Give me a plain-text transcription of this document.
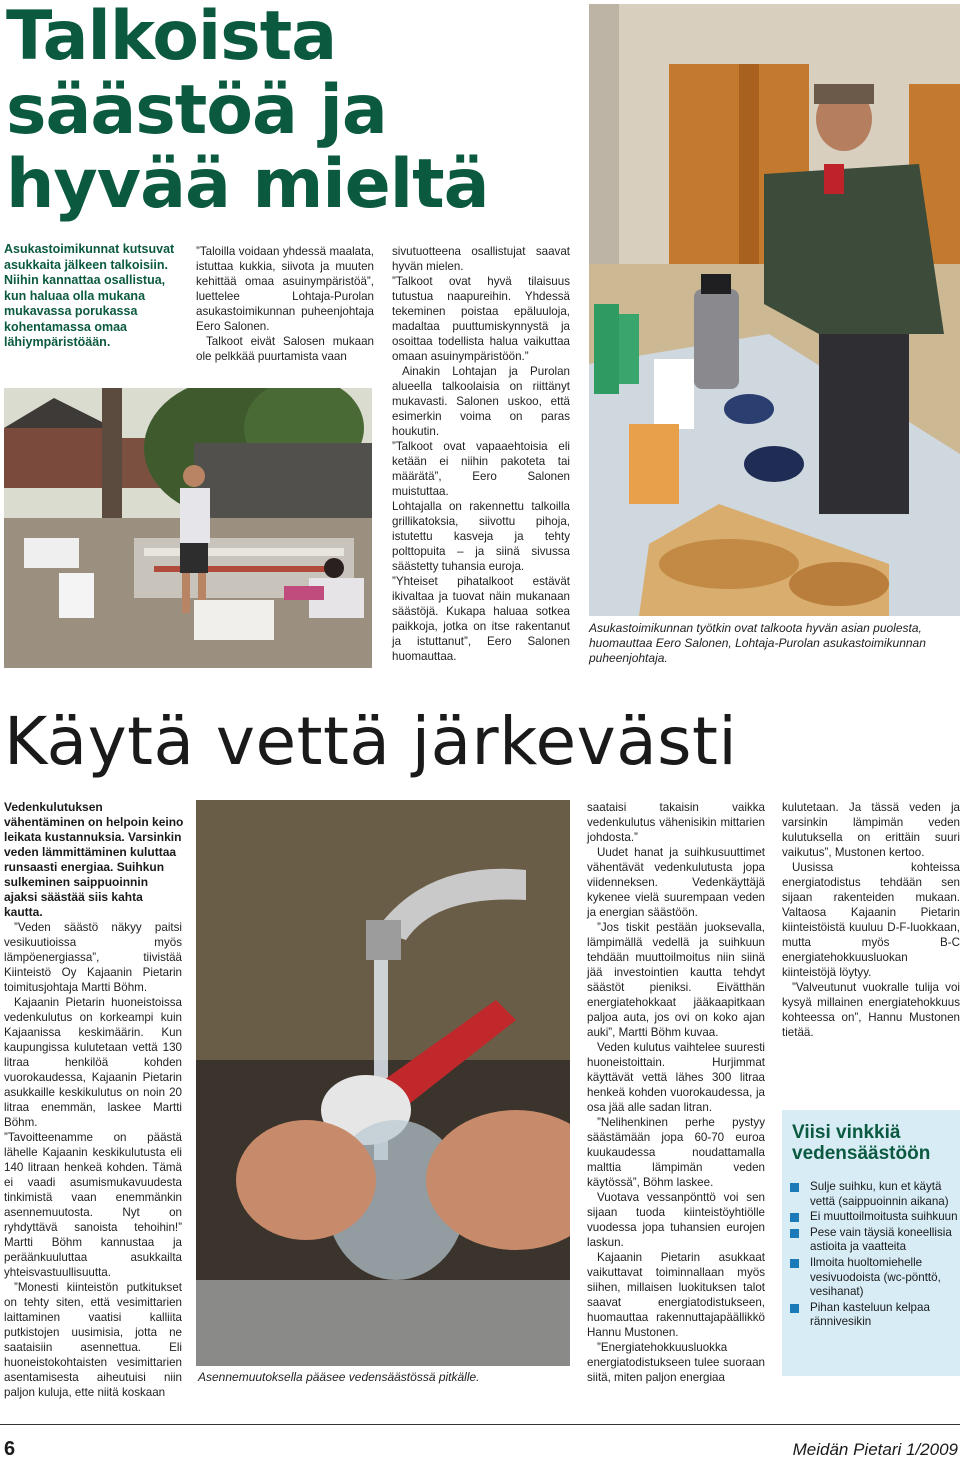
Talkoista säästöä ja hyvää mieltä
Asukastoimikunnat kutsuvat asukkaita jälkeen talkoisiin. Niihin kannattaa osallistua, kun haluaa olla mukana mukavassa porukassa kohentamassa omaa lähiympäristöään.

”Taloilla voidaan yhdessä maalata, istuttaa kukkia, siivota ja muuten kehittää omaa asuinympäristöä”, luettelee Lohtaja-Purolan asukastoimikunnan puheenjohtaja Eero Salonen.

Talkoot eivät Salosen mukaan ole pelkkää puurtamista vaan

sivutuotteena osallistujat saavat hyvän mielen.

”Talkoot ovat hyvä tilaisuus tutustua naapureihin. Yhdessä tekeminen poistaa epäluuloja, madaltaa puuttumiskynnystä ja osoittaa todellista halua vaikuttaa omaan asuinympäristöön.”

Ainakin Lohtajan ja Purolan alueella talkoolaisia on riittänyt mukavasti. Salonen uskoo, että esimerkin voima on paras houkutin.

”Talkoot ovat vapaaehtoisia eli ketään ei niihin pakoteta tai määrätä”, Eero Salonen muistuttaa.

Lohtajalla on rakennettu talkoilla grillikatoksia, siivottu pihoja, istutettu kasveja ja tehty polttopuita – ja siinä sivussa säästetty tuhansia euroja.

”Yhteiset pihatalkoot estävät ikivaltaa ja tuovat näin mukanaan säästöjä. Kukapa haluaa sotkea paikkoja, jotka on itse rakentanut ja istuttanut”, Eero Salonen huomauttaa.

Asukastoimikunnan työtkin ovat talkoota hyvän asian puolesta, huomauttaa Eero Salonen, Lohtaja-Purolan asukastoimikunnan puheenjohtaja.
Käytä vettä järkevästi
Vedenkulutuksen vähentäminen on helpoin keino leikata kustannuksia. Varsinkin veden lämmittäminen kuluttaa runsaasti energiaa. Suihkun sulkeminen saippuoinnin ajaksi säästää siis kahta kautta.

”Veden säästö näkyy paitsi vesikuutioissa myös lämpöenergiassa”, tiivistää Kiinteistö Oy Kajaanin Pietarin toimitusjohtaja Martti Böhm.

Kajaanin Pietarin huoneistoissa vedenkulutus on korkeampi kuin Kajaanissa keskimäärin. Kun kaupungissa kulutetaan vettä 130 litraa henkilöä kohden vuorokaudessa, Kajaanin Pietarin asukkaille keskikulutus on noin 20 litraa enemmän, laskee Martti Böhm.

”Tavoitteenamme on päästä lähelle Kajaanin keskikulutusta eli 140 litraan henkeä kohden. Tämä ei vaadi asumismukavuudesta tinkimistä vaan enemmänkin asennemuutosta. Nyt on ryhdyttävä sanoista tehoihin!” Martti Böhm kannustaa ja peräänkuuluttaa asukkailta yhteisvastuullisuutta.

”Monesti kiinteistön putkitukset on tehty siten, että vesimittarien laittaminen vaatisi kalliita putkistojen uusimisia, jotta ne saataisiin asennettua. Eli huoneistokohtaisten vesimittarien asentamisesta aiheutuisi niin paljon kuluja, ette niitä koskaan

Asennemuutoksella pääsee vedensäästössä pitkälle.

saataisi takaisin vaikka vedenkulutus vähenisikin mittarien johdosta.”

Uudet hanat ja suihkusuuttimet vähentävät vedenkulutusta jopa viidenneksen. Vedenkäyttäjä kykenee vielä suurempaan veden ja energian säästöön.

”Jos tiskit pestään juoksevalla, lämpimällä vedellä ja suihkuun tehdään muuttoilmoitus niin siinä jää investointien kautta tehdyt säästöt pieniksi. Eivätthän energiatehokkaat jääkaapitkaan paljoa auta, jos ovi on koko ajan auki”, Martti Böhm kuvaa.

Veden kulutus vaihtelee suuresti huoneistoittain. Hurjimmat käyttävät vettä lähes 300 litraa henkeä kohden vuorokaudessa, ja osa jää alle sadan litran.

”Nelihenkinen perhe pystyy säästämään jopa 60-70 euroa kuukaudessa noudattamalla malttia lämpimän veden käytössä”, Böhm laskee.

Vuotava vessanpönttö voi sen sijaan tuoda kiinteistöyhtiölle vuodessa jopa tuhansien eurojen laskun.

Kajaanin Pietarin asukkaat vaikuttavat toiminnallaan myös siihen, millaisen luokituksen talot saavat energiatodistukseen, huomauttaa rakennuttajapäällikkö Hannu Mustonen.

”Energiatehokkuusluokka energiatodistukseen tulee suoraan siitä, miten paljon energiaa

kulutetaan. Ja tässä veden ja varsinkin lämpimän veden kulutuksella on erittäin suuri vaikutus”, Mustonen kertoo.

Uusissa kohteissa energiatodistus tehdään sen sijaan rakenteiden mukaan. Valtaosa Kajaanin Pietarin kiinteistöistä kuuluu D-F-luokkaan, mutta myös B-C energiatehokkuusluokan kiinteistöjä löytyy.

”Valveutunut vuokralle tulija voi kysyä millainen energiatehokkuus kohteessa on”, Hannu Mustonen tietää.

Viisi vinkkiä vedensäästöön
Sulje suihku, kun et käytä vettä (saippuoinnin aikana)
Ei muuttoilmoitusta suihkuun
Pese vain täysiä koneellisia astioita ja vaatteita
Ilmoita huoltomiehelle vesivuodoista (wc-pönttö, vesihanat)
Pihan kasteluun kelpaa rännivesikin
6	Meidän Pietari 1/2009
